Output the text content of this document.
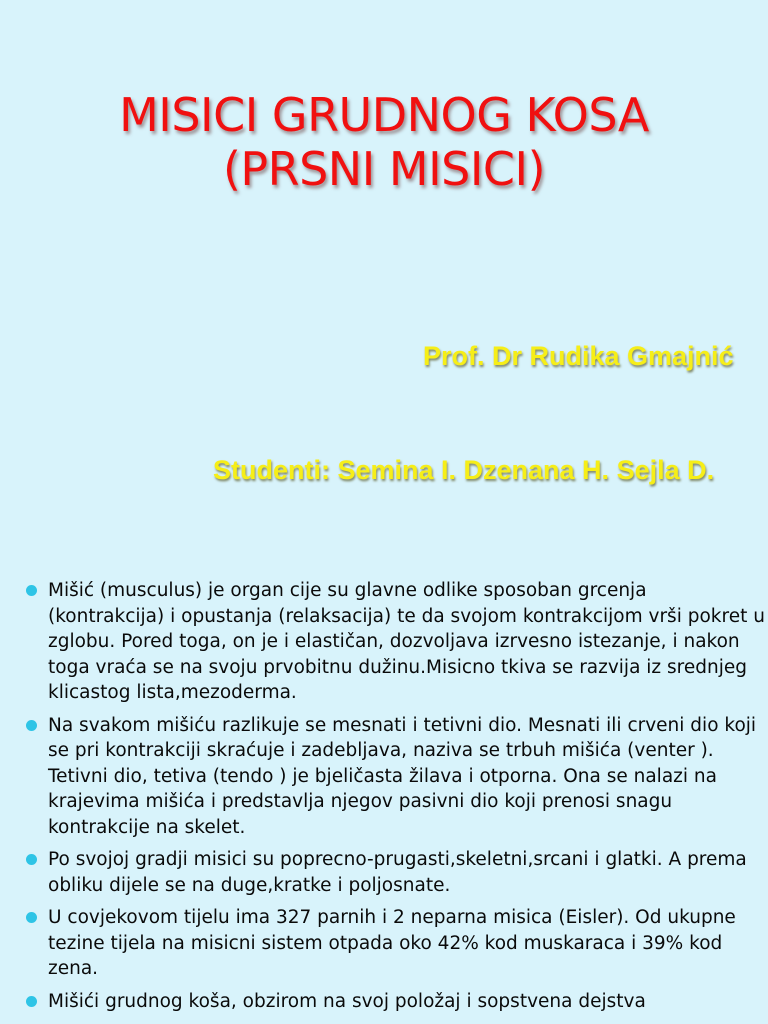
MISICI GRUDNOG KOSA
(PRSNI MISICI)
Prof. Dr Rudika Gmajnić
Studenti: Semina I. Dzenana H. Sejla D.
Mišić (musculus) je organ cije su glavne odlike sposoban grcenja (kontrakcija) i opustanja (relaksacija) te da svojom kontrakcijom vrši pokret u zglobu. Pored toga, on je i elastičan, dozvoljava izrvesno istezanje, i nakon toga vraća se na svoju prvobitnu dužinu.Misicno tkiva se razvija iz srednjeg klicastog lista,mezoderma.
Na svakom mišiću razlikuje se mesnati i tetivni dio. Mesnati ili crveni dio koji se pri kontrakciji skraćuje i zadebljava, naziva se trbuh mišića (venter ). Tetivni dio, tetiva (tendo ) je bjeličasta žilava i otporna. Ona se nalazi na krajevima mišića i predstavlja njegov pasivni dio koji prenosi snagu kontrakcije na skelet.
Po svojoj gradji misici su poprecno-prugasti,skeletni,srcani i glatki. A prema obliku dijele se na duge,kratke i poljosnate.
U covjekovom tijelu ima 327 parnih i 2 neparna misica (Eisler). Od ukupne tezine tijela na misicni sistem otpada oko 42% kod muskaraca i 39% kod zena.
Mišići grudnog koša, obzirom na svoj položaj i sopstvena dejstva
